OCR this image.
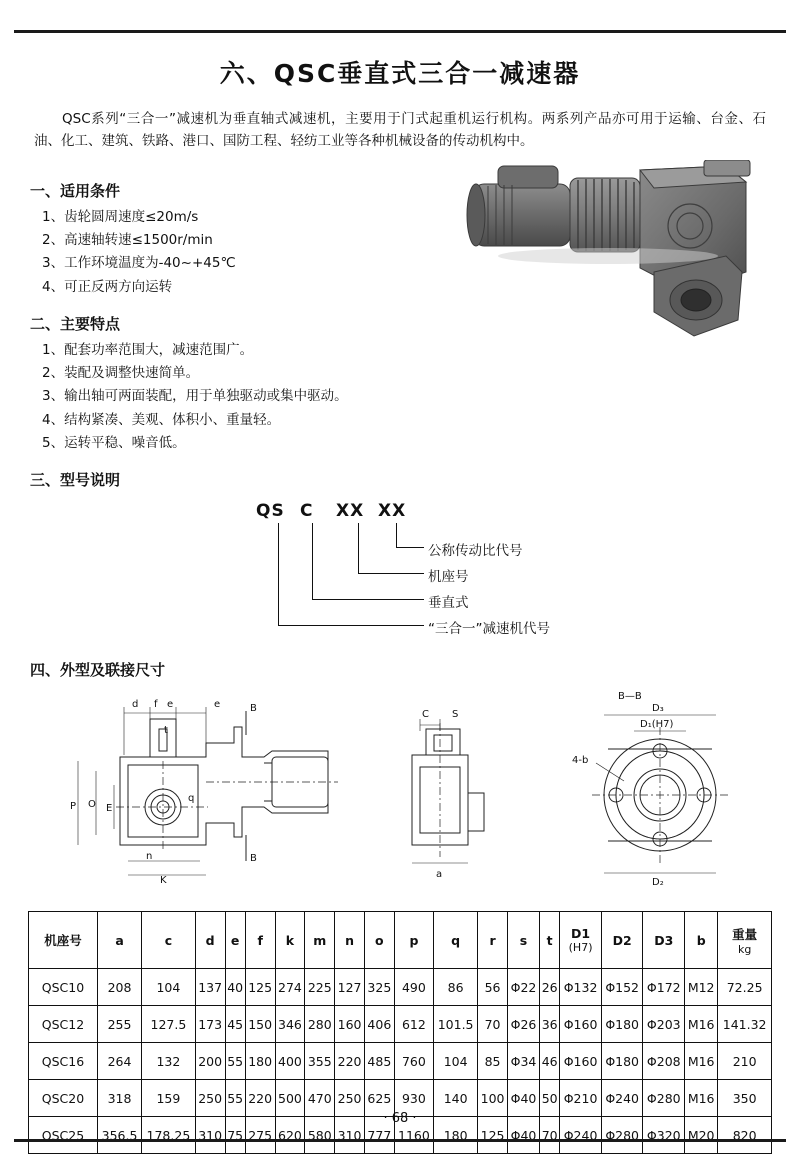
六、QSC垂直式三合一减速器

QSC系列“三合一”减速机为垂直轴式减速机，主要用于门式起重机运行机构。两系列产品亦可用于运输、台金、石油、化工、建筑、铁路、港口、国防工程、轻纺工业等各种机械设备的传动机构中。

一、适用条件
1、齿轮圆周速度≤20m/s
2、高速轴转速≤1500r/min
3、工作环境温度为-40~+45℃
4、可正反两方向运转
二、主要特点
1、配套功率范围大，减速范围广。
2、装配及调整快速简单。
3、输出轴可两面装配，用于单独驱动或集中驱动。
4、结构紧凑、美观、体积小、重量轻。
5、运转平稳、噪音低。
三、型号说明
QS C XX XX
公称传动比代号
机座号
垂直式
“三合一”减速机代号
四、外型及联接尺寸
B
B
d f e	e
t
P O E
n
K
q
C S
a
B—B
4-b
D₃
D₁(H7)
D₂
机座号	a	c	d	e	f	k	m	n	o	p	q	r	s	t	D1
(H7)	D2	D3	b	重量
kg

QSC10	208	104	137	40	125	274	225	127	325	490	86	56	Φ22	26	Φ132	Φ152	Φ172	M12	72.25
QSC12	255	127.5	173	45	150	346	280	160	406	612	101.5	70	Φ26	36	Φ160	Φ180	Φ203	M16	141.32
QSC16	264	132	200	55	180	400	355	220	485	760	104	85	Φ34	46	Φ160	Φ180	Φ208	M16	210
QSC20	318	159	250	55	220	500	470	250	625	930	140	100	Φ40	50	Φ210	Φ240	Φ280	M16	350
QSC25	356.5	178.25	310	75	275	620	580	310	777	1160	180	125	Φ40	70	Φ240	Φ280	Φ320	M20	820
· 68 ·
